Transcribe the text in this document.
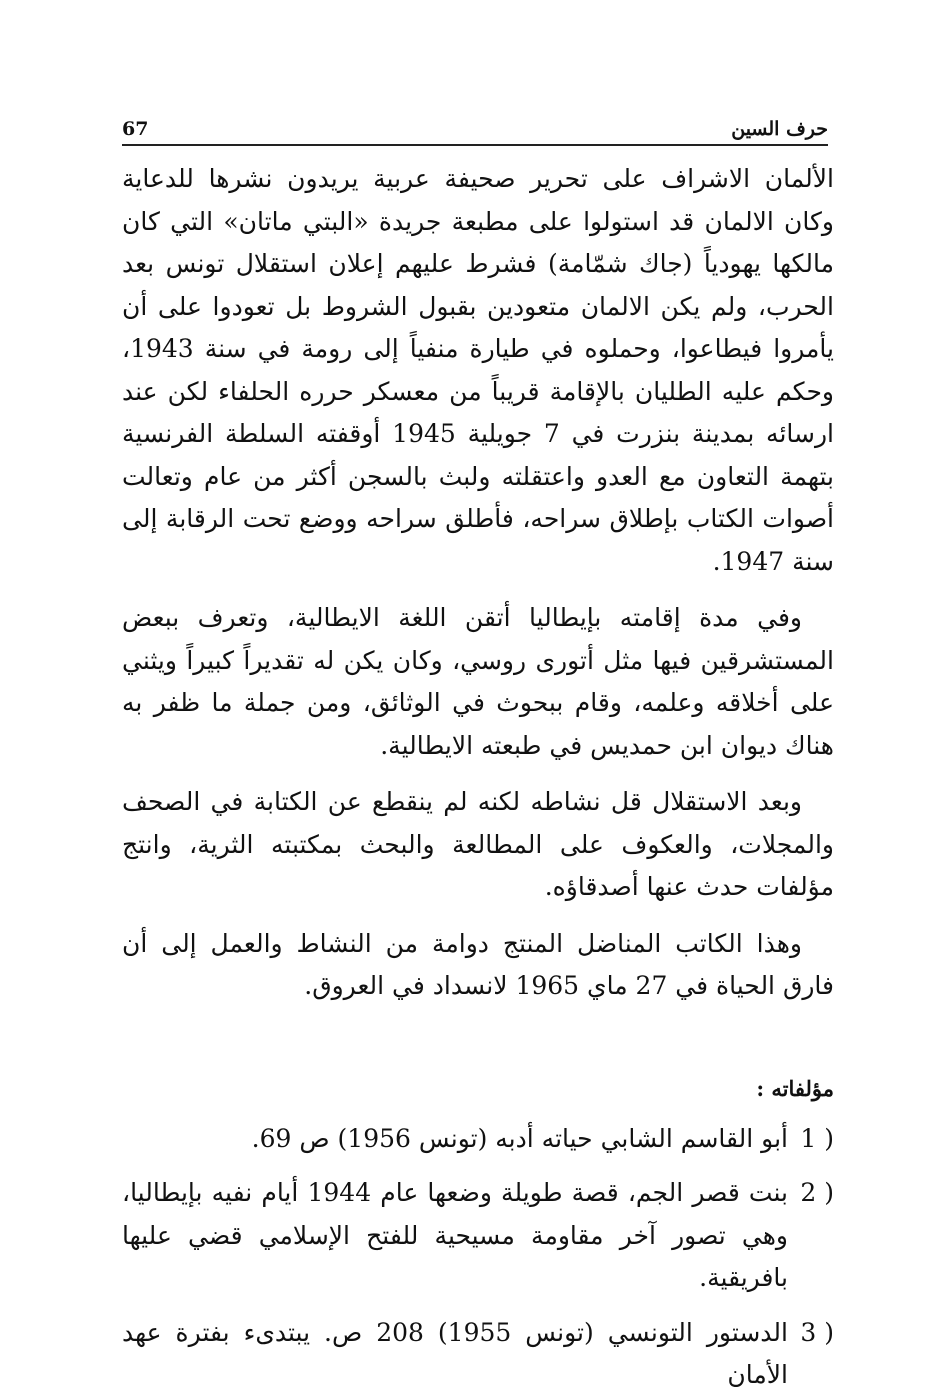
67	حرف السين

الألمان الاشراف على تحرير صحيفة عربية يريدون نشرها للدعاية وكان الالمان قد استولوا على مطبعة جريدة «البتي ماتان» التي كان مالكها يهودياً (جاك شمّامة) فشرط عليهم إعلان استقلال تونس بعد الحرب، ولم يكن الالمان متعودين بقبول الشروط بل تعودوا على أن يأمروا فيطاعوا، وحملوه في طيارة منفياً إلى رومة في سنة 1943، وحكم عليه الطليان بالإقامة قريباً من معسكر حرره الحلفاء لكن عند ارسائه بمدينة بنزرت في 7 جويلية 1945 أوقفته السلطة الفرنسية بتهمة التعاون مع العدو واعتقلته ولبث بالسجن أكثر من عام وتعالت أصوات الكتاب بإطلاق سراحه، فأطلق سراحه ووضع تحت الرقابة إلى سنة 1947.

وفي مدة إقامته بإيطاليا أتقن اللغة الايطالية، وتعرف ببعض المستشرقين فيها مثل أتورى روسي، وكان يكن له تقديراً كبيراً ويثني على أخلاقه وعلمه، وقام ببحوث في الوثائق، ومن جملة ما ظفر به هناك ديوان ابن حمديس في طبعته الايطالية.

وبعد الاستقلال قل نشاطه لكنه لم ينقطع عن الكتابة في الصحف والمجلات، والعكوف على المطالعة والبحث بمكتبته الثرية، وانتج مؤلفات حدث عنها أصدقاؤه.

وهذا الكاتب المناضل المنتج دوامة من النشاط والعمل إلى أن فارق الحياة في 27 ماي 1965 لانسداد في العروق.

مؤلفاته :
1 )
أبو القاسم الشابي حياته أدبه (تونس 1956) ص 69.
2 )
بنت قصر الجم، قصة طويلة وضعها عام 1944 أيام نفيه بإيطاليا، وهي تصور آخر مقاومة مسيحية للفتح الإسلامي قضي عليها بافريقية.
3 )
الدستور التونسي (تونس 1955) 208 ص. يبتدىء بفترة عهد الأمان
